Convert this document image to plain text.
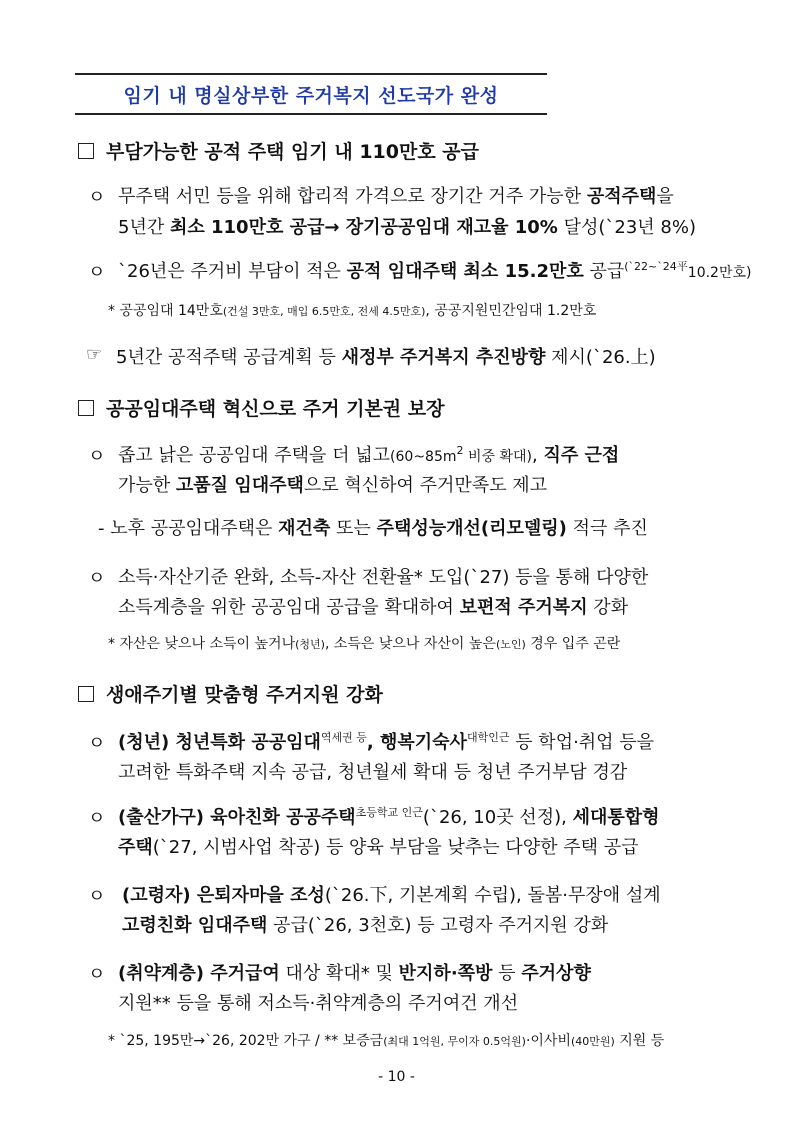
임기 내 명실상부한 주거복지 선도국가 완성
부담가능한 공적 주택 임기 내 110만호 공급
ㅇ 무주택 서민 등을 위해 합리적 가격으로 장기간 거주 가능한 공적주택을
5년간 최소 110만호 공급→ 장기공공임대 재고율 10% 달성(`23년 8%)
ㅇ `26년은 주거비 부담이 적은 공적 임대주택 최소 15.2만호 공급$^{(`22\sim`24平}$10.2만호)
* 공공임대 14만호(건설 3만호, 매입 6.5만호, 전세 4.5만호), 공공지원민간임대 1.2만호
☞ 5년간 공적주택 공급계획 등 새정부 주거복지 추진방향 제시(`26.上)
공공임대주택 혁신으로 주거 기본권 보장
ㅇ 좁고 낡은 공공임대 주택을 더 넓고($60\sim 85m^2$ 비중 확대), 직주 근접
가능한 고품질 임대주택으로 혁신하여 주거만족도 제고
- 노후 공공임대주택은 재건축 또는 주택성능개선(리모델링) 적극 추진
ㅇ 소득·자산기준 완화, 소득-자산 전환율* 도입(`27) 등을 통해 다양한
소득계층을 위한 공공임대 공급을 확대하여 보편적 주거복지 강화
* 자산은 낮으나 소득이 높거나(청년), 소득은 낮으나 자산이 높은(노인) 경우 입주 곤란
생애주기별 맞춤형 주거지원 강화
ㅇ (청년) 청년특화 공공임대$^{역세권 등}$, 행복기숙사$^{대학인근}$ 등 학업·취업 등을
고려한 특화주택 지속 공급, 청년월세 확대 등 청년 주거부담 경감
ㅇ (출산가구) 육아친화 공공주택$^{초등학교 인근}$(`26, 10곳 선정), 세대통합형
주택(`27, 시범사업 착공) 등 양육 부담을 낮추는 다양한 주택 공급
ㅇ (고령자) 은퇴자마을 조성(`26.下, 기본계획 수립), 돌봄·무장애 설계
고령친화 임대주택 공급(`26, 3천호) 등 고령자 주거지원 강화
ㅇ (취약계층) 주거급여 대상 확대* 및 반지하·쪽방 등 주거상향
지원** 등을 통해 저소득·취약계층의 주거여건 개선
* `25, 195만→`26, 202만 가구 / ** 보증금(최대 1억원, 무이자 0.5억원)·이사비(40만원) 지원 등
- 10 -
